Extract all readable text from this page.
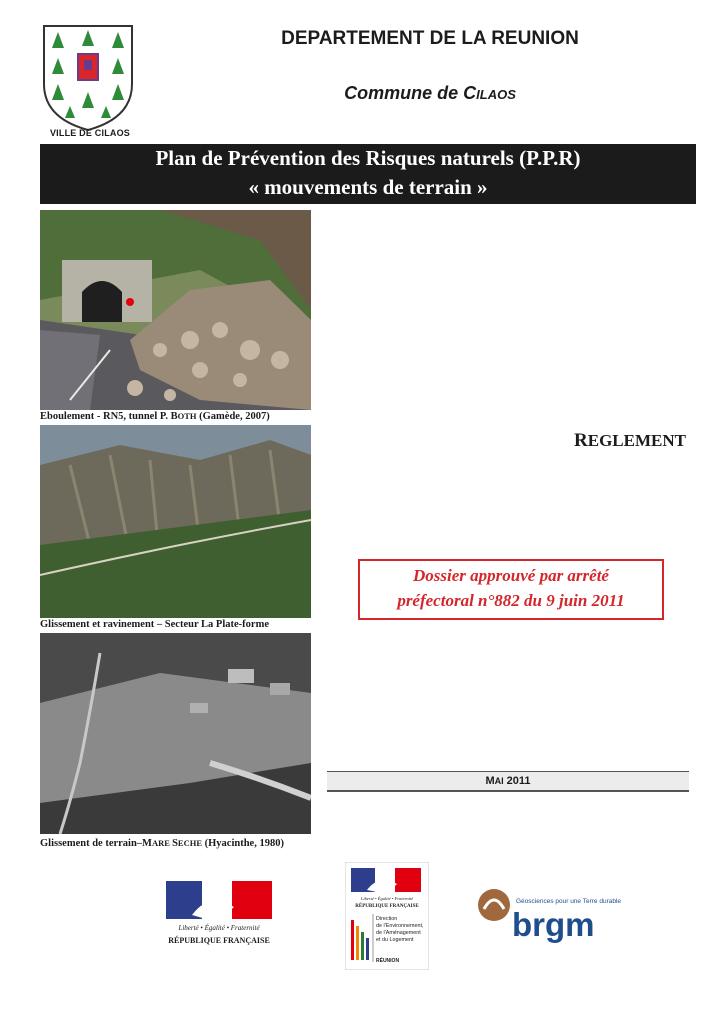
VILLE DE CILAOS
DEPARTEMENT DE LA REUNION
Commune de CILAOS
Plan de Prévention des Risques naturels (P.P.R)
« mouvements de terrain »
Eboulement - RN5, tunnel P. BOTH (Gamède, 2007)
Glissement et ravinement – Secteur La Plate-forme
Glissement de terrain–MARE SECHE (Hyacinthe, 1980)
REGLEMENT
Dossier approuvé par arrêté
préfectoral n°882 du 9 juin 2011
MAI 2011
Liberté • Égalité • Fraternité
RÉPUBLIQUE FRANÇAISE
Liberté • Égalité • Fraternité
RÉPUBLIQUE FRANÇAISE
Direction
de l'Environnement,
de l'Aménagement
et du Logement
RÉUNION
Géosciences pour une Terre durable
brgm
